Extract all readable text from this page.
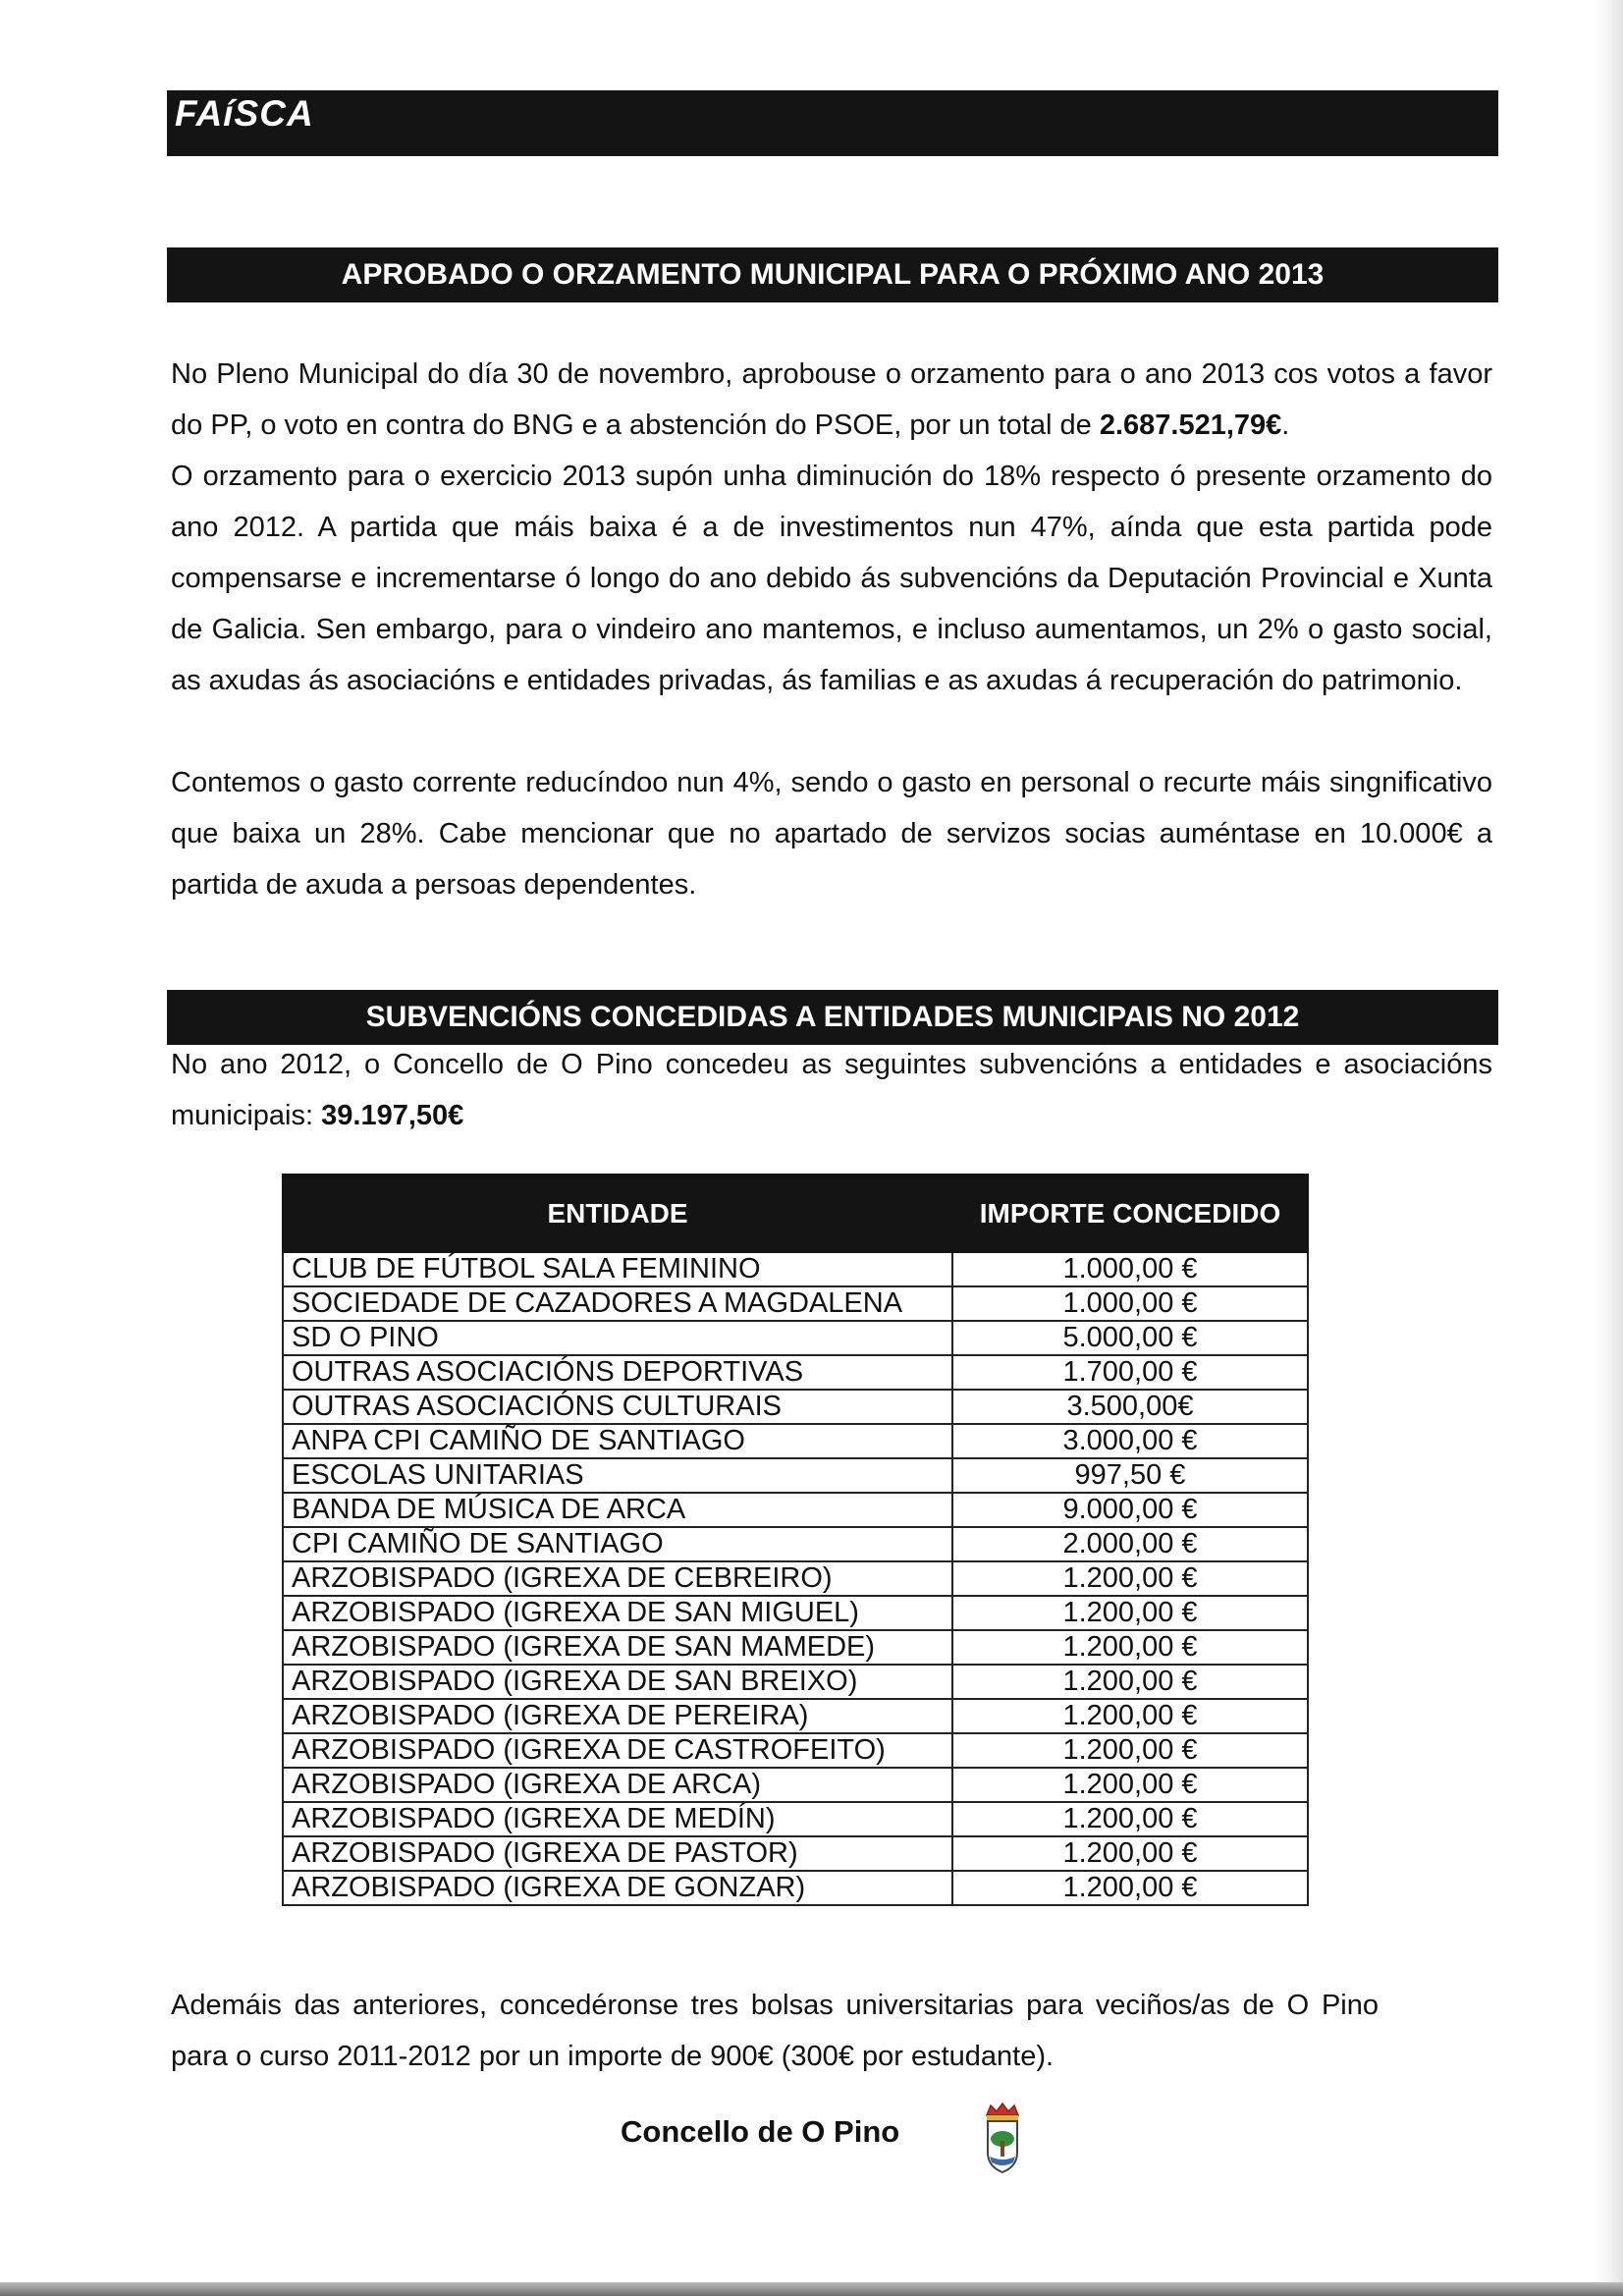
FAíSCA
APROBADO O ORZAMENTO MUNICIPAL PARA O PRÓXIMO ANO 2013

No Pleno Municipal do día 30 de novembro, aprobouse o orzamento para o ano 2013 cos votos a favor do PP, o voto en contra do BNG e a abstención do PSOE, por un total de 2.687.521,79€.

O orzamento para o exercicio 2013 supón unha diminución do 18% respecto ó presente orzamento do ano 2012. A partida que máis baixa é a de investimentos nun 47%, aínda que esta partida pode compensarse e incrementarse ó longo do ano debido ás subvencións da Deputación Provincial e Xunta de Galicia. Sen embargo, para o vindeiro ano mantemos, e incluso aumentamos, un 2% o gasto social, as axudas ás asociacións e entidades privadas, ás familias e as axudas á recuperación do patrimonio.

Contemos o gasto corrente reducíndoo nun 4%, sendo o gasto en personal o recurte máis singnificativo que baixa un 28%. Cabe mencionar que no apartado de servizos socias auméntase en 10.000€ a partida de axuda a persoas dependentes.

SUBVENCIÓNS CONCEDIDAS A ENTIDADES MUNICIPAIS NO 2012

No ano 2012, o Concello de O Pino concedeu as seguintes subvencións a entidades e asociacións municipais: 39.197,50€

ENTIDADE	IMPORTE CONCEDIDO
CLUB DE FÚTBOL SALA FEMININO	1.000,00 €
SOCIEDADE DE CAZADORES A MAGDALENA	1.000,00 €
SD O PINO	5.000,00 €
OUTRAS ASOCIACIÓNS DEPORTIVAS	1.700,00 €
OUTRAS ASOCIACIÓNS CULTURAIS	3.500,00€
ANPA CPI CAMIÑO DE SANTIAGO	3.000,00 €
ESCOLAS UNITARIAS	997,50 €
BANDA DE MÚSICA DE ARCA	9.000,00 €
CPI CAMIÑO DE SANTIAGO	2.000,00 €
ARZOBISPADO (IGREXA DE CEBREIRO)	1.200,00 €
ARZOBISPADO (IGREXA DE SAN MIGUEL)	1.200,00 €
ARZOBISPADO (IGREXA DE SAN MAMEDE)	1.200,00 €
ARZOBISPADO (IGREXA DE SAN BREIXO)	1.200,00 €
ARZOBISPADO (IGREXA DE PEREIRA)	1.200,00 €
ARZOBISPADO (IGREXA DE CASTROFEITO)	1.200,00 €
ARZOBISPADO (IGREXA DE ARCA)	1.200,00 €
ARZOBISPADO (IGREXA DE MEDÍN)	1.200,00 €
ARZOBISPADO (IGREXA DE PASTOR)	1.200,00 €
ARZOBISPADO (IGREXA DE GONZAR)	1.200,00 €

Ademáis das anteriores, concedéronse tres bolsas universitarias para veciños/as de O Pino para o curso 2011-2012 por un importe de 900€ (300€ por estudante).

Concello de O Pino
